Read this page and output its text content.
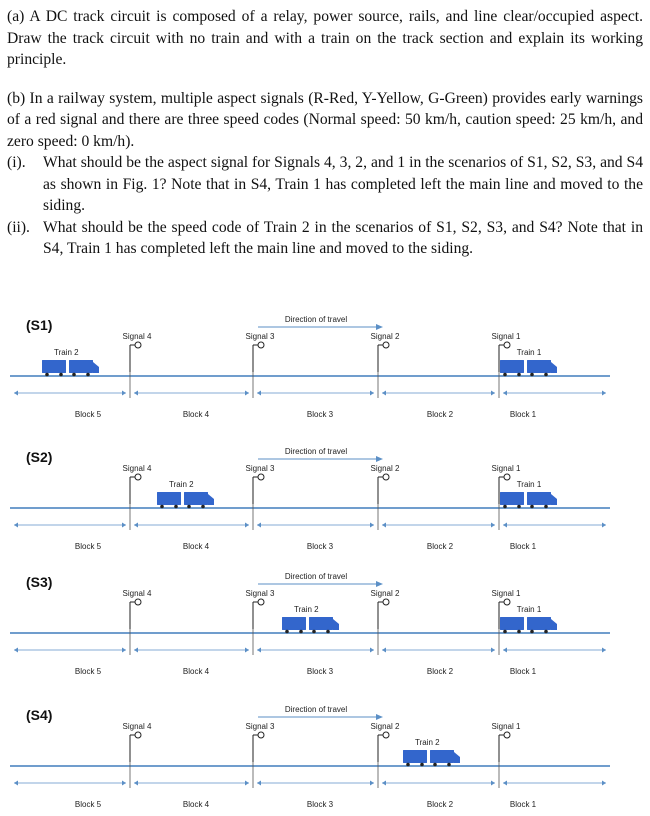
(a) A DC track circuit is composed of a relay, power source, rails, and line clear/occupied aspect. Draw the track circuit with no train and with a train on the track section and explain its working principle.

(b) In a railway system, multiple aspect signals (R-Red, Y-Yellow, G-Green) provides early warnings of a red signal and there are three speed codes (Normal speed: 50 km/h, caution speed: 25 km/h, and zero speed: 0 km/h).

(i).	What should be the aspect signal for Signals 4, 3, 2, and 1 in the scenarios of S1, S2, S3, and S4 as shown in Fig. 1? Note that in S4, Train 1 has completed left the main line and moved to the siding.
(ii). What should be the speed code of Train 2 in the scenarios of S1, S2, S3, and S4? Note that in S4, Train 1 has completed left the main line and moved to the siding.
(S1)	Direction of travel
Signal 4	Signal 3	Signal 2	Signal 1
Block 5	Block 4	Block 3	Block 2	Block 1
Train 2	Train 1
(S2)	Direction of travel
Signal 4	Signal 3	Signal 2	Signal 1
Block 5	Block 4	Block 3	Block 2	Block 1
Train 2	Train 1
(S3)	Direction of travel
Signal 4	Signal 3	Signal 2	Signal 1
Block 5	Block 4	Block 3	Block 2	Block 1
Train 2	Train 1
(S4)	Direction of travel
Signal 4	Signal 3	Signal 2	Signal 1
Block 5	Block 4	Block 3	Block 2	Block 1
Train 2
